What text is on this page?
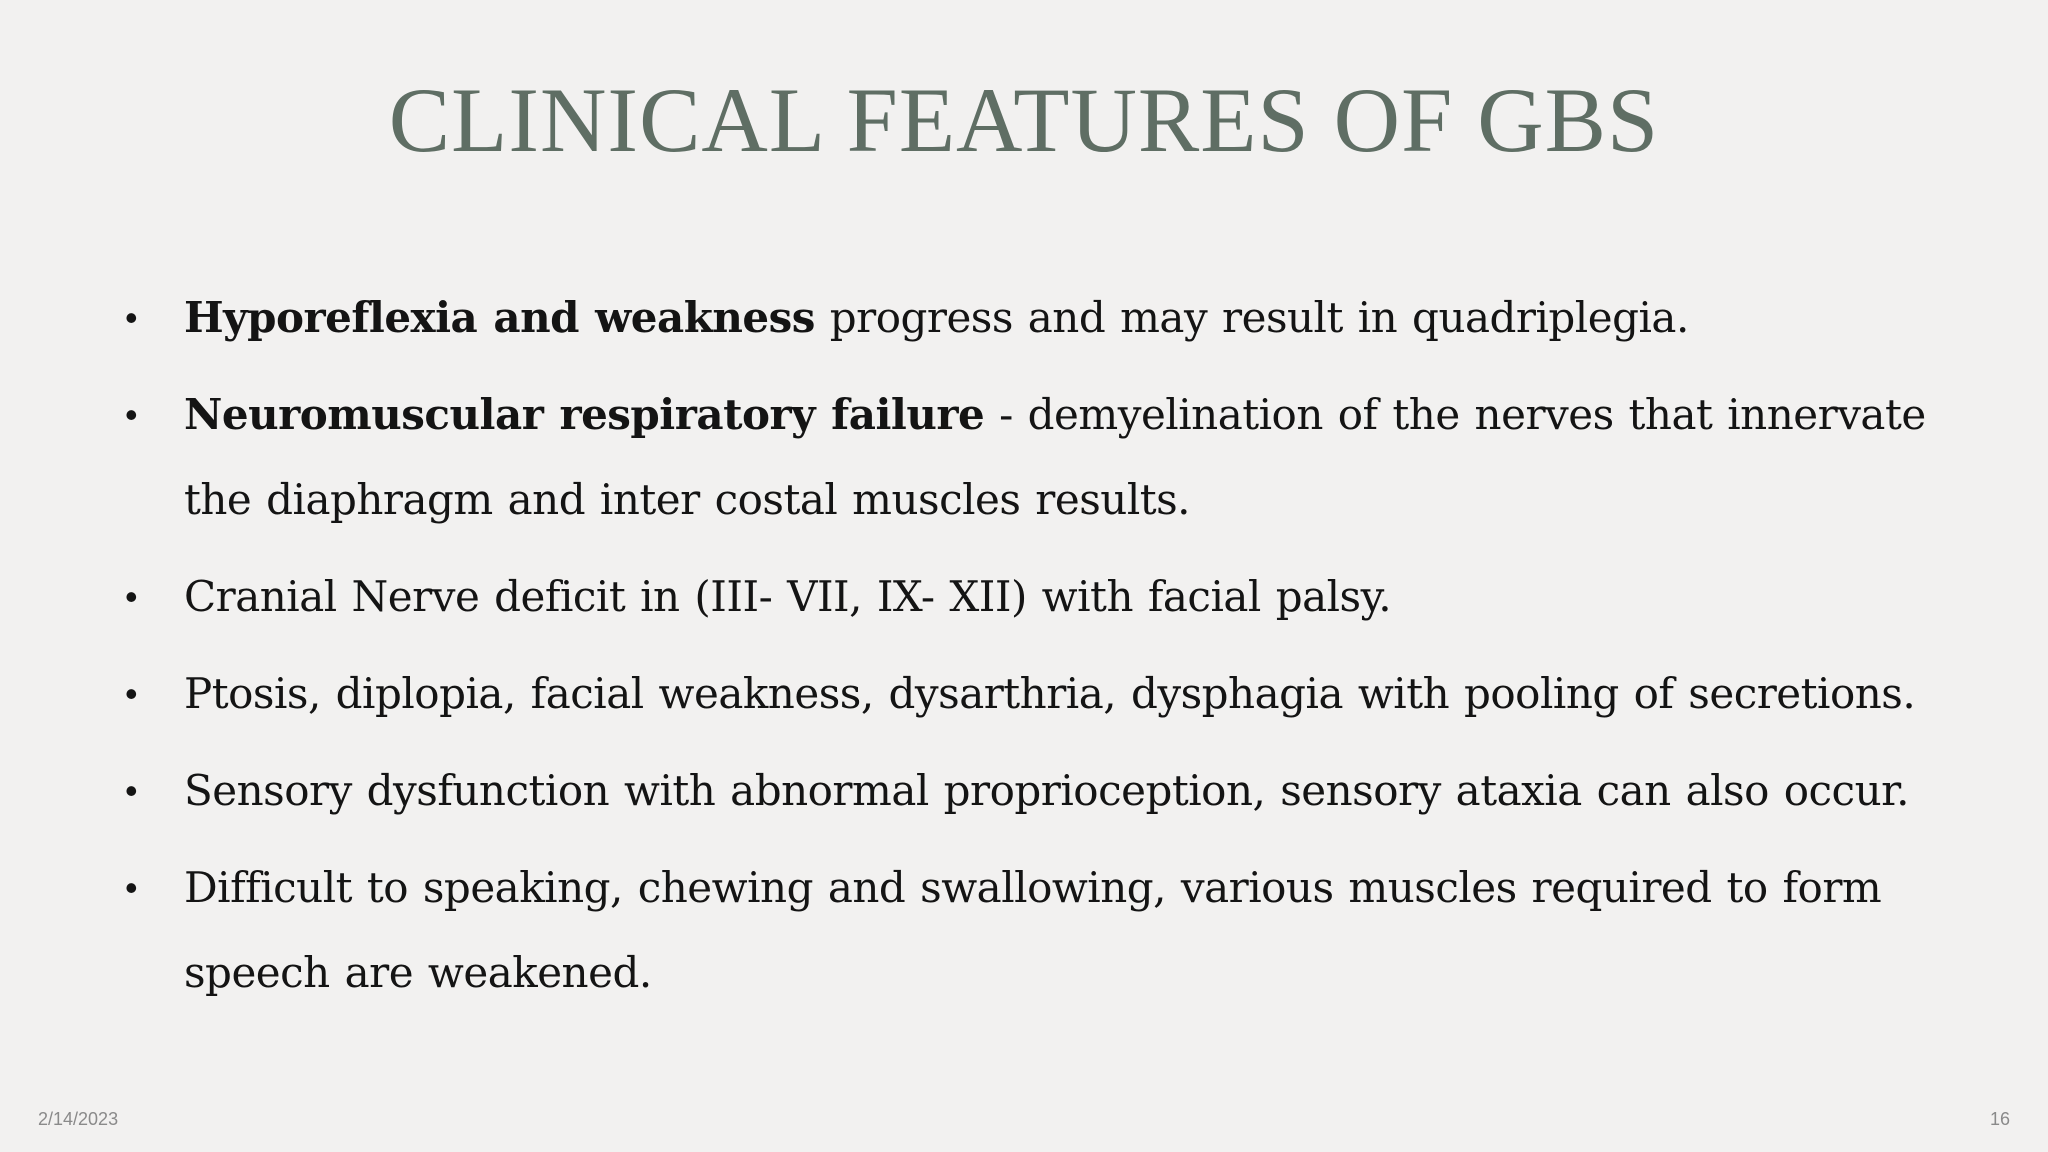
CLINICAL FEATURES OF GBS
• Hyporeflexia and weakness progress and may result in quadriplegia.
• Neuromuscular respiratory failure - demyelination of the nerves that innervate the diaphragm and inter costal muscles results.
• Cranial Nerve deficit in (III- VII, IX- XII) with facial palsy.
• Ptosis, diplopia, facial weakness, dysarthria, dysphagia with pooling of secretions.
• Sensory dysfunction with abnormal proprioception, sensory ataxia can also occur.
• Difficult to speaking, chewing and swallowing, various muscles required to form speech are weakened.
2/14/2023	16
